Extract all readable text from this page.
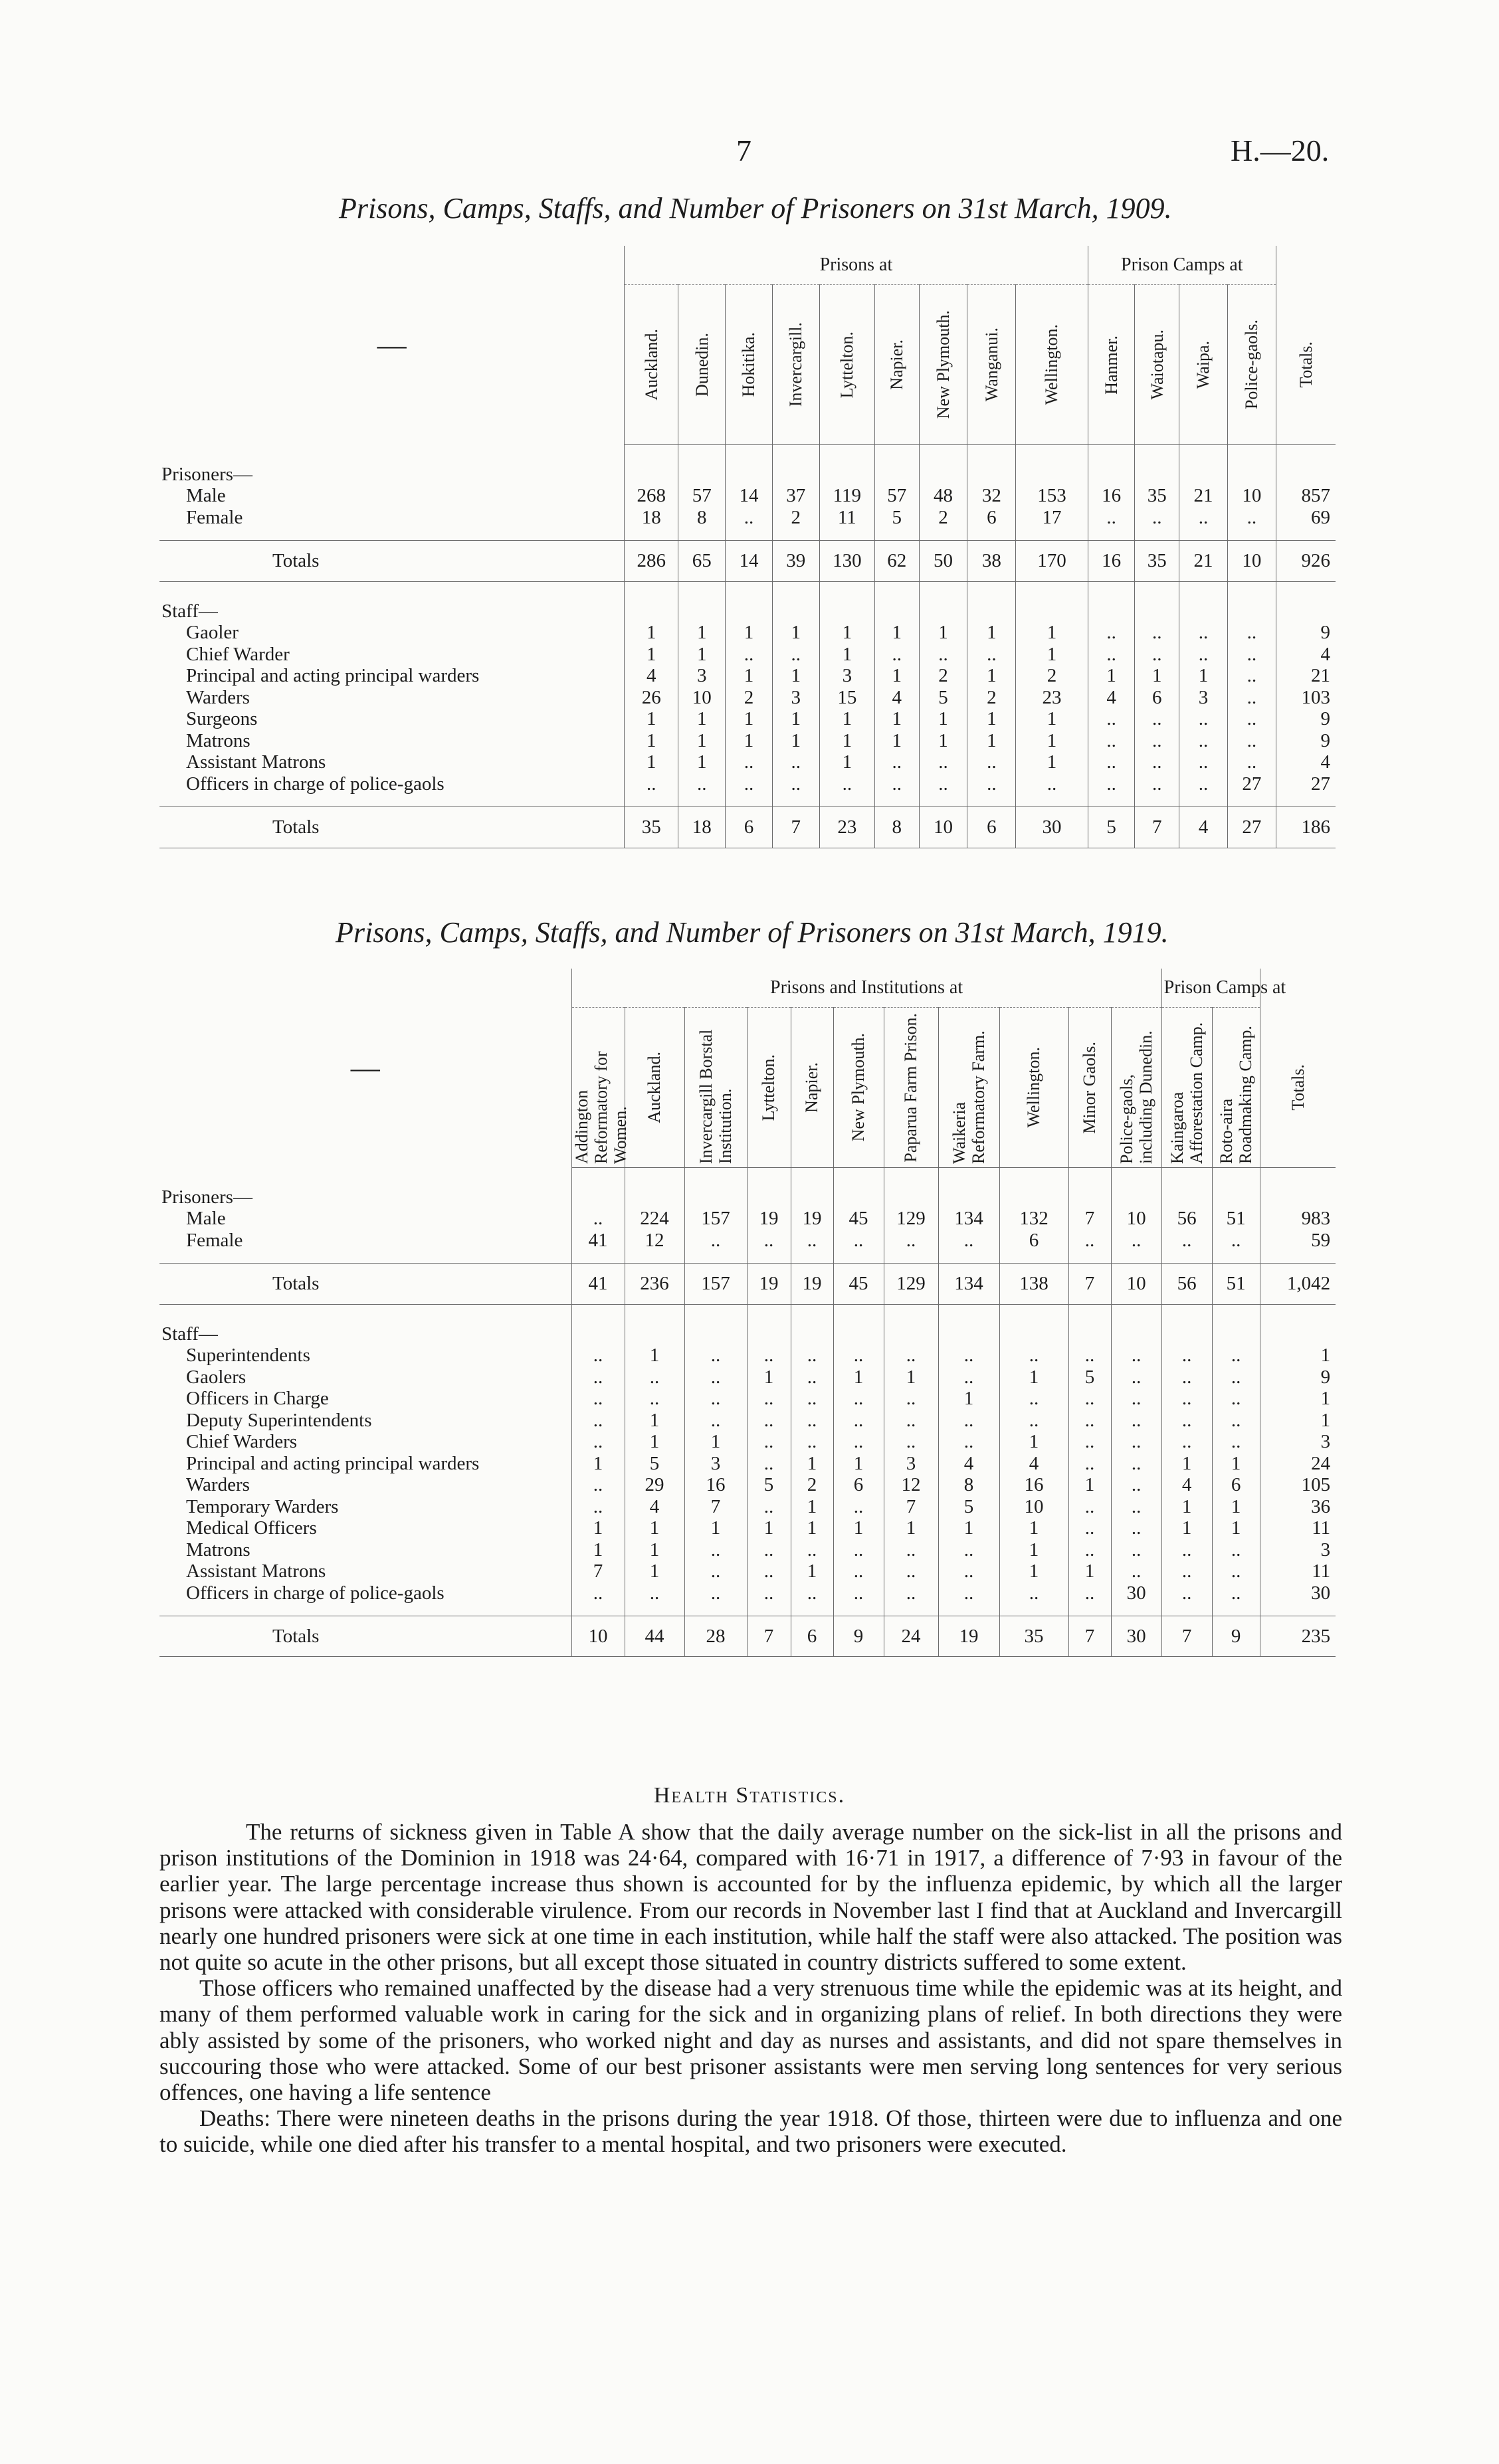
7	H.—20.
Prisons, Camps, Staffs, and Number of Prisoners on 31st March, 1909.
—	Prisons at									Prison Camps at				

	Auckland.	Dunedin.	Hokitika.	Invercargill.	Lyttelton.	Napier.	New Plymouth.	Wanganui.	Wellington.	Hanmer.	Waiotapu.	Waipa.	Police-gaols.	Totals.

Prisoners—														
Male	268	57	14	37	119	57	48	32	153	16	35	21	10	857
Female	18	8	..	2	11	5	2	6	17	..	..	..	..	69

Totals	286	65	14	39	130	62	50	38	170	16	35	21	10	926

Staff—														
Gaoler	1	1	1	1	1	1	1	1	1	..	..	..	..	9
Chief Warder	1	1	..	..	1	..	..	..	1	..	..	..	..	4
Principal and acting principal warders	4	3	1	1	3	1	2	1	2	1	1	1	..	21
Warders	26	10	2	3	15	4	5	2	23	4	6	3	..	103
Surgeons	1	1	1	1	1	1	1	1	1	..	..	..	..	9
Matrons	1	1	1	1	1	1	1	1	1	..	..	..	..	9
Assistant Matrons	1	1	..	..	1	..	..	..	1	..	..	..	..	4
Officers in charge of police-gaols	..	..	..	..	..	..	..	..	..	..	..	..	27	27

Totals	35	18	6	7	23	8	10	6	30	5	7	4	27	186
Prisons, Camps, Staffs, and Number of Prisoners on 31st March, 1919.
—	Prisons and Institutions at											Prison Camps at		

	Addington Reformatory for Women.	Auckland.	Invercargill Borstal Institution.	Lyttelton.	Napier.	New Plymouth.	Paparua Farm Prison.	Waikeria Reformatory Farm.	Wellington.	Minor Gaols.	Police-gaols, including Dunedin.	Kaingaroa Afforestation Camp.	Roto-aira Roadmaking Camp.	Totals.

Prisoners—														
Male	..	224	157	19	19	45	129	134	132	7	10	56	51	983
Female	41	12	..	..	..	..	..	..	6	..	..	..	..	59

Totals	41	236	157	19	19	45	129	134	138	7	10	56	51	1,042

Staff—														
Superintendents	..	1	..	..	..	..	..	..	..	..	..	..	..	1
Gaolers	..	..	..	1	..	1	1	..	1	5	..	..	..	9
Officers in Charge	..	..	..	..	..	..	..	1	..	..	..	..	..	1
Deputy Superintendents	..	1	..	..	..	..	..	..	..	..	..	..	..	1
Chief Warders	..	1	1	..	..	..	..	..	1	..	..	..	..	3
Principal and acting principal warders	1	5	3	..	1	1	3	4	4	..	..	1	1	24
Warders	..	29	16	5	2	6	12	8	16	1	..	4	6	105
Temporary Warders	..	4	7	..	1	..	7	5	10	..	..	1	1	36
Medical Officers	1	1	1	1	1	1	1	1	1	..	..	1	1	11
Matrons	1	1	..	..	..	..	..	..	1	..	..	..	..	3
Assistant Matrons	7	1	..	..	1	..	..	..	1	1	..	..	..	11
Officers in charge of police-gaols	..	..	..	..	..	..	..	..	..	..	30	..	..	30

Totals	10	44	28	7	6	9	24	19	35	7	30	7	9	235
Health Statistics.

The returns of sickness given in Table A show that the daily average number on the sick-list in all the prisons and prison institutions of the Dominion in 1918 was 24·64, compared with 16·71 in 1917, a difference of 7·93 in favour of the earlier year. The large percentage increase thus shown is accounted for by the influenza epidemic, by which all the larger prisons were attacked with considerable virulence. From our records in November last I find that at Auckland and Invercargill nearly one hundred prisoners were sick at one time in each institution, while half the staff were also attacked. The position was not quite so acute in the other prisons, but all except those situated in country districts suffered to some extent.

Those officers who remained unaffected by the disease had a very strenuous time while the epidemic was at its height, and many of them performed valuable work in caring for the sick and in organizing plans of relief. In both directions they were ably assisted by some of the prisoners, who worked night and day as nurses and assistants, and did not spare themselves in succouring those who were attacked. Some of our best prisoner assistants were men serving long sentences for very serious offences, one having a life sentence

Deaths: There were nineteen deaths in the prisons during the year 1918. Of those, thirteen were due to influenza and one to suicide, while one died after his transfer to a mental hospital, and two prisoners were executed.
